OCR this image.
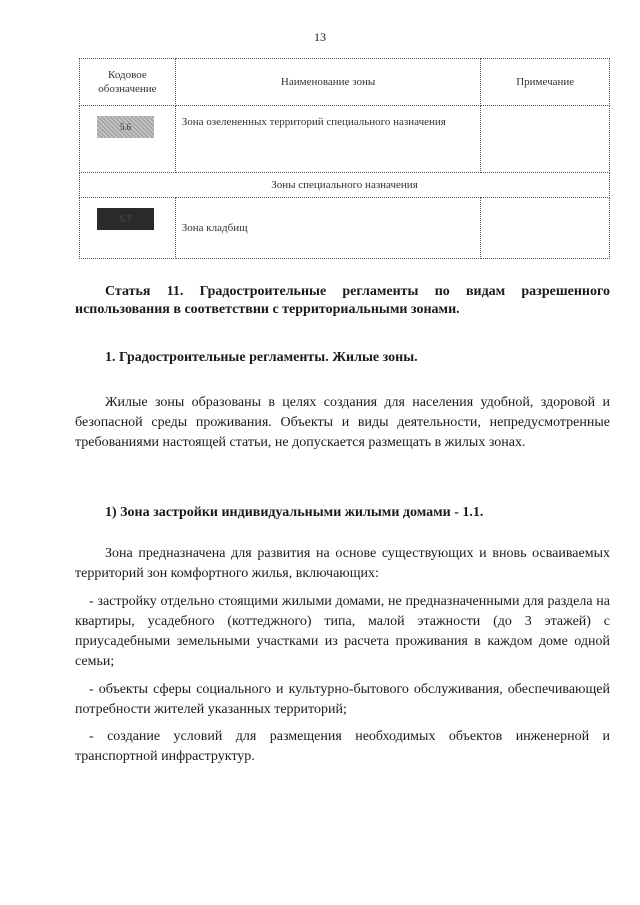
13
Кодовое обозначение	Наименование зоны	Примечание

5.6	Зона озелененных территорий специального назначения	
Зоны специального назначения		

5.7	Зона кладбищ	
Статья 11. Градостроительные регламенты по видам разрешенного использования в соответствии с территориальными зонами.
1. Градостроительные регламенты. Жилые зоны.
Жилые зоны образованы в целях создания для населения удобной, здоровой и безопасной среды проживания. Объекты и виды деятельности, непредусмотренные требованиями настоящей статьи, не допускается размещать в жилых зонах.
1) Зона застройки индивидуальными жилыми домами - 1.1.
Зона предназначена для развития на основе существующих и вновь осваиваемых территорий зон комфортного жилья, включающих:
- застройку отдельно стоящими жилыми домами, не предназначенными для раздела на квартиры, усадебного (коттеджного) типа, малой этажности (до 3 этажей) с приусадебными земельными участками из расчета проживания в каждом доме одной семьи;
- объекты сферы социального и культурно-бытового обслуживания, обеспечивающей потребности жителей указанных территорий;
- создание условий для размещения необходимых объектов инженерной и транспортной инфраструктур.
